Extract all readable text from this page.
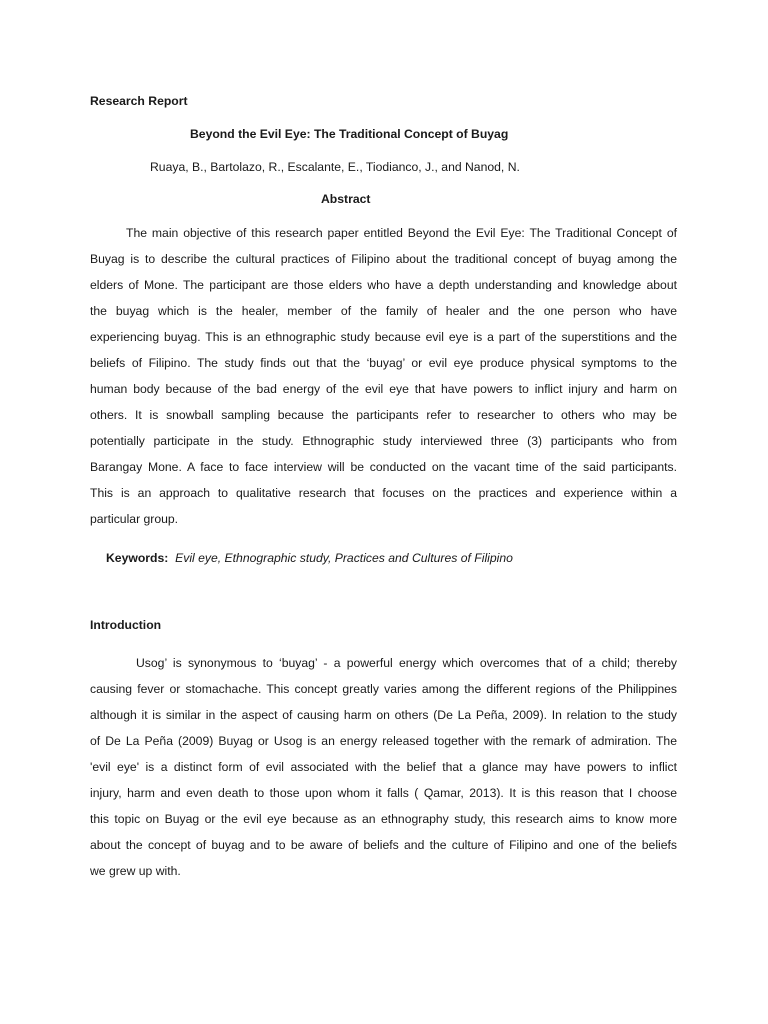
Research Report
Beyond the Evil Eye: The Traditional Concept of Buyag
Ruaya, B., Bartolazo, R., Escalante, E., Tiodianco, J., and Nanod, N.
Abstract
The main objective of this research paper entitled Beyond the Evil Eye: The Traditional Concept of
Buyag is to describe the cultural practices of Filipino about the traditional concept of buyag among the
elders of Mone. The participant are those elders who have a depth understanding and knowledge about
the buyag which is the healer, member of the family of healer and the one person who have
experiencing buyag. This is an ethnographic study because evil eye is a part of the superstitions and the
beliefs of Filipino. The study finds out that the ‘buyag’ or evil eye produce physical symptoms to the
human body because of the bad energy of the evil eye that have powers to inflict injury and harm on
others. It is snowball sampling because the participants refer to researcher to others who may be
potentially participate in the study. Ethnographic study interviewed three (3) participants who from
Barangay Mone. A face to face interview will be conducted on the vacant time of the said participants.
This is an approach to qualitative research that focuses on the practices and experience within a
particular group.
Keywords: Evil eye, Ethnographic study, Practices and Cultures of Filipino
Introduction
Usog’ is synonymous to ‘buyag’ - a powerful energy which overcomes that of a child; thereby
causing fever or stomachache. This concept greatly varies among the different regions of the Philippines
although it is similar in the aspect of causing harm on others (De La Peña, 2009). In relation to the study
of De La Peña (2009) Buyag or Usog is an energy released together with the remark of admiration. The
'evil eye' is a distinct form of evil associated with the belief that a glance may have powers to inflict
injury, harm and even death to those upon whom it falls ( Qamar, 2013). It is this reason that I choose
this topic on Buyag or the evil eye because as an ethnography study, this research aims to know more
about the concept of buyag and to be aware of beliefs and the culture of Filipino and one of the beliefs
we grew up with.
